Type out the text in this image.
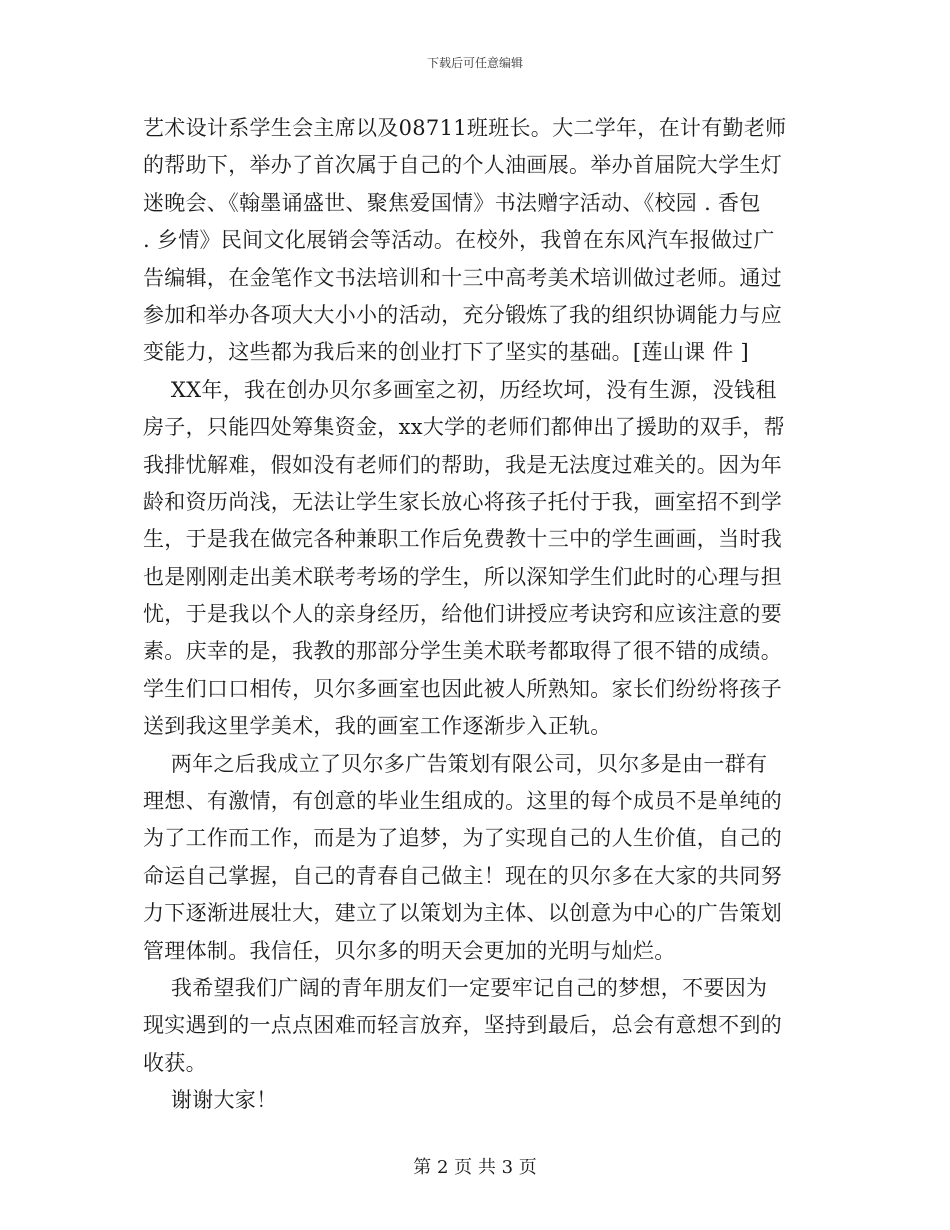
下载后可任意编辑
艺术设计系学生会主席以及08711班班长。大二学年，在计有勤老师
的帮助下，举办了首次属于自己的个人油画展。举办首届院大学生灯
迷晚会、《翰墨诵盛世、聚焦爱国情》书法赠字活动、《校园 . 香包
. 乡情》民间文化展销会等活动。在校外，我曾在东风汽车报做过广
告编辑，在金笔作文书法培训和十三中高考美术培训做过老师。通过
参加和举办各项大大小小的活动，充分锻炼了我的组织协调能力与应
变能力，这些都为我后来的创业打下了坚实的基础。[莲山课 件 ]
XX年，我在创办贝尔多画室之初，历经坎坷，没有生源，没钱租
房子，只能四处筹集资金，xx大学的老师们都伸出了援助的双手，帮
我排忧解难，假如没有老师们的帮助，我是无法度过难关的。因为年
龄和资历尚浅，无法让学生家长放心将孩子托付于我，画室招不到学
生，于是我在做完各种兼职工作后免费教十三中的学生画画，当时我
也是刚刚走出美术联考考场的学生，所以深知学生们此时的心理与担
忧，于是我以个人的亲身经历，给他们讲授应考诀窍和应该注意的要
素。庆幸的是，我教的那部分学生美术联考都取得了很不错的成绩。
学生们口口相传，贝尔多画室也因此被人所熟知。家长们纷纷将孩子
送到我这里学美术，我的画室工作逐渐步入正轨。
两年之后我成立了贝尔多广告策划有限公司，贝尔多是由一群有
理想、有激情，有创意的毕业生组成的。这里的每个成员不是单纯的
为了工作而工作，而是为了追梦，为了实现自己的人生价值，自己的
命运自己掌握，自己的青春自己做主！现在的贝尔多在大家的共同努
力下逐渐进展壮大，建立了以策划为主体、以创意为中心的广告策划
管理体制。我信任，贝尔多的明天会更加的光明与灿烂。
我希望我们广阔的青年朋友们一定要牢记自己的梦想，不要因为
现实遇到的一点点困难而轻言放弃，坚持到最后，总会有意想不到的
收获。
谢谢大家！
第 2 页 共 3 页
